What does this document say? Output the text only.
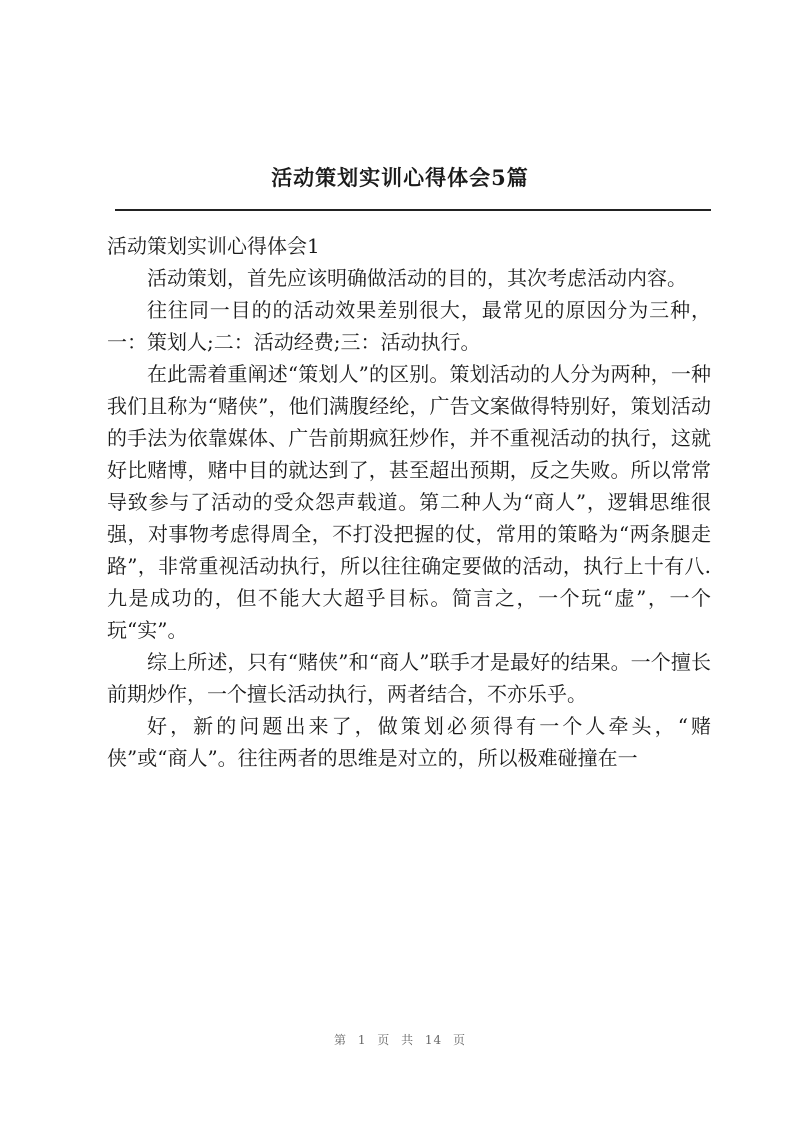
活动策划实训心得体会5篇
活动策划实训心得体会1

活动策划，首先应该明确做活动的目的，其次考虑活动内容。

往往同一目的的活动效果差别很大，最常见的原因分为三种，一：策划人;二：活动经费;三：活动执行。

在此需着重阐述“策划人”的区别。策划活动的人分为两种，一种我们且称为“赌侠”，他们满腹经纶，广告文案做得特别好，策划活动的手法为依靠媒体、广告前期疯狂炒作，并不重视活动的执行，这就好比赌博，赌中目的就达到了，甚至超出预期，反之失败。所以常常导致参与了活动的受众怨声载道。第二种人为“商人”，逻辑思维很强，对事物考虑得周全，不打没把握的仗，常用的策略为“两条腿走路”，非常重视活动执行，所以往往确定要做的活动，执行上十有八.九是成功的，但不能大大超乎目标。简言之，一个玩“虚”，一个玩“实”。

综上所述，只有“赌侠”和“商人”联手才是最好的结果。一个擅长前期炒作，一个擅长活动执行，两者结合，不亦乐乎。

好，新的问题出来了，做策划必须得有一个人牵头，“赌侠”或“商人”。往往两者的思维是对立的，所以极难碰撞在一

第 1 页 共 14 页
